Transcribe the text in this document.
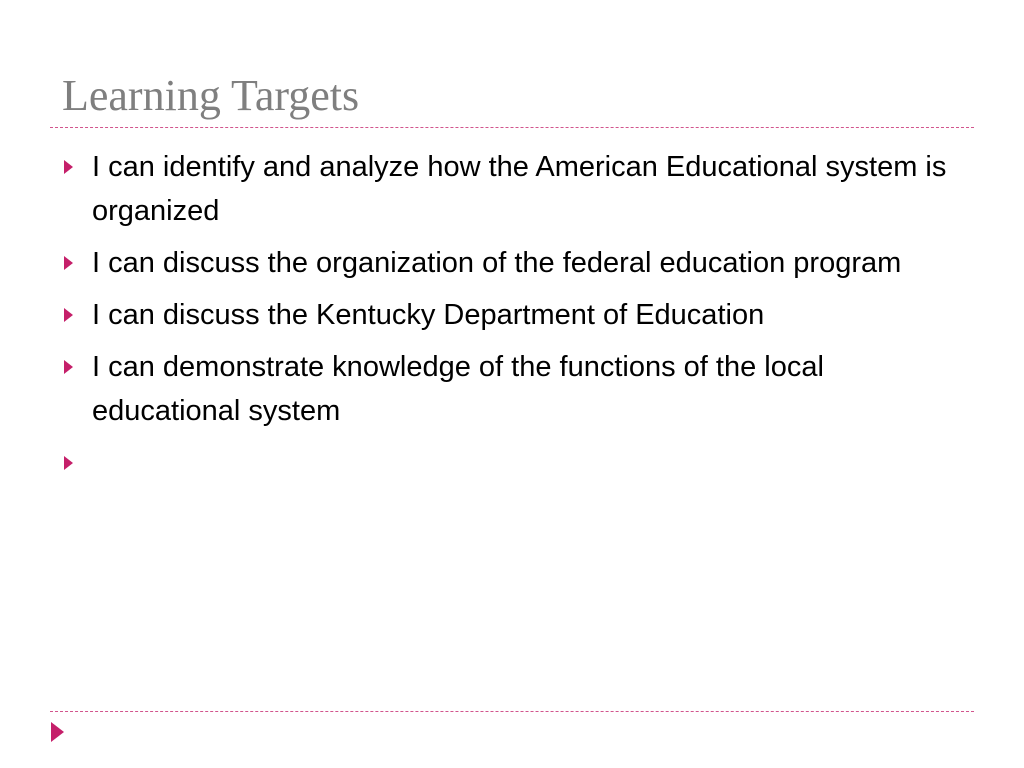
Learning Targets
I can identify and analyze how the American Educational system is organized
I can discuss the organization of the federal education program
I can discuss the Kentucky Department of Education
I can demonstrate knowledge of the functions of the local educational system
